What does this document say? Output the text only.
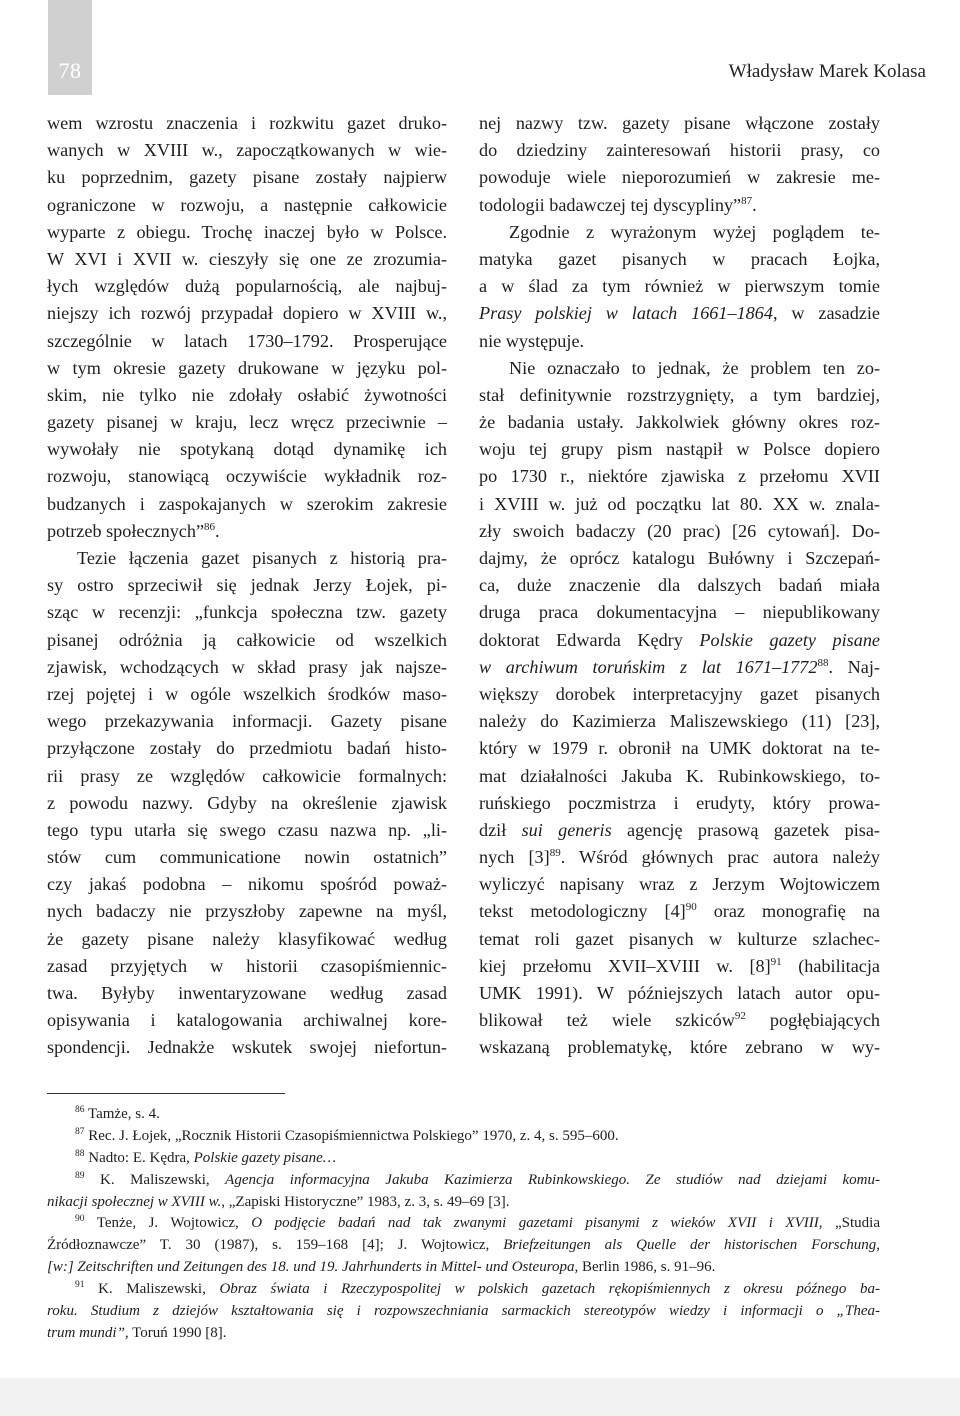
78	Władysław Marek Kolasa
wem wzrostu znaczenia i rozkwitu gazet druko-
wanych w XVIII w., zapoczątkowanych w wie-
ku poprzednim, gazety pisane zostały najpierw
ograniczone w rozwoju, a następnie całkowicie
wyparte z obiegu. Trochę inaczej było w Polsce.
W XVI i XVII w. cieszyły się one ze zrozumia-
łych względów dużą popularnością, ale najbuj-
niejszy ich rozwój przypadał dopiero w XVIII w.,
szczególnie w latach 1730–1792. Prosperujące
w tym okresie gazety drukowane w języku pol-
skim, nie tylko nie zdołały osłabić żywotności
gazety pisanej w kraju, lecz wręcz przeciwnie –
wywołały nie spotykaną dotąd dynamikę ich
rozwoju, stanowiącą oczywiście wykładnik roz-
budzanych i zaspokajanych w szerokim zakresie
potrzeb społecznych”$^{86}$.
Tezie łączenia gazet pisanych z historią pra-
sy ostro sprzeciwił się jednak Jerzy Łojek, pi-
sząc w recenzji: „funkcja społeczna tzw. gazety
pisanej odróżnia ją całkowicie od wszelkich
zjawisk, wchodzących w skład prasy jak najsze-
rzej pojętej i w ogóle wszelkich środków maso-
wego przekazywania informacji. Gazety pisane
przyłączone zostały do przedmiotu badań histo-
rii prasy ze względów całkowicie formalnych:
z powodu nazwy. Gdyby na określenie zjawisk
tego typu utarła się swego czasu nazwa np. „li-
stów cum communicatione nowin ostatnich”
czy jakaś podobna – nikomu spośród poważ-
nych badaczy nie przyszłoby zapewne na myśl,
że gazety pisane należy klasyfikować według
zasad przyjętych w historii czasopiśmiennic-
twa. Byłyby inwentaryzowane według zasad
opisywania i katalogowania archiwalnej kore-
spondencji. Jednakże wskutek swojej niefortun-
nej nazwy tzw. gazety pisane włączone zostały
do dziedziny zainteresowań historii prasy, co
powoduje wiele nieporozumień w zakresie me-
todologii badawczej tej dyscypliny”$^{87}$.
Zgodnie z wyrażonym wyżej poglądem te-
matyka gazet pisanych w pracach Łojka,
a w ślad za tym również w pierwszym tomie
Prasy polskiej w latach 1661–1864, w zasadzie
nie występuje.
Nie oznaczało to jednak, że problem ten zo-
stał definitywnie rozstrzygnięty, a tym bardziej,
że badania ustały. Jakkolwiek główny okres roz-
woju tej grupy pism nastąpił w Polsce dopiero
po 1730 r., niektóre zjawiska z przełomu XVII
i XVIII w. już od początku lat 80. XX w. znala-
zły swoich badaczy (20 prac) [26 cytowań]. Do-
dajmy, że oprócz katalogu Bułówny i Szczepań-
ca, duże znaczenie dla dalszych badań miała
druga praca dokumentacyjna – niepublikowany
doktorat Edwarda Kędry Polskie gazety pisane
w archiwum toruńskim z lat 1671–1772$^{88}$. Naj-
większy dorobek interpretacyjny gazet pisanych
należy do Kazimierza Maliszewskiego (11) [23],
który w 1979 r. obronił na UMK doktorat na te-
mat działalności Jakuba K. Rubinkowskiego, to-
ruńskiego poczmistrza i erudyty, który prowa-
dził sui generis agencję prasową gazetek pisa-
nych $[3]^{89}$. Wśród głównych prac autora należy
wyliczyć napisany wraz z Jerzym Wojtowiczem
tekst metodologiczny $[4]^{90}$ oraz monografię na
temat roli gazet pisanych w kulturze szlachec-
kiej przełomu XVII–XVIII w. $[8]^{91}$ (habilitacja
UMK 1991). W późniejszych latach autor opu-
blikował też wiele szkiców$^{92}$ pogłębiających
wskazaną problematykę, które zebrano w wy-
$^{86}$ Tamże, s. 4.
$^{87}$ Rec. J. Łojek, „Rocznik Historii Czasopiśmiennictwa Polskiego” 1970, z. 4, s. 595–600.
$^{88}$ Nadto: E. Kędra, Polskie gazety pisane…
$^{89}$ K. Maliszewski, Agencja informacyjna Jakuba Kazimierza Rubinkowskiego. Ze studiów nad dziejami komu-
nikacji społecznej w XVIII w., „Zapiski Historyczne” 1983, z. 3, s. 49–69 [3].
$^{90}$ Tenże, J. Wojtowicz, O podjęcie badań nad tak zwanymi gazetami pisanymi z wieków XVII i XVIII, „Studia
Źródłoznawcze” T. 30 (1987), s. 159–168 [4]; J. Wojtowicz, Briefzeitungen als Quelle der historischen Forschung,
[w:] Zeitschriften und Zeitungen des 18. und 19. Jahrhunderts in Mittel- und Osteuropa, Berlin 1986, s. 91–96.
$^{91}$ K. Maliszewski, Obraz świata i Rzeczypospolitej w polskich gazetach rękopiśmiennych z okresu późnego ba-
roku. Studium z dziejów kształtowania się i rozpowszechniania sarmackich stereotypów wiedzy i informacji o „Thea-
trum mundi”, Toruń 1990 [8].
